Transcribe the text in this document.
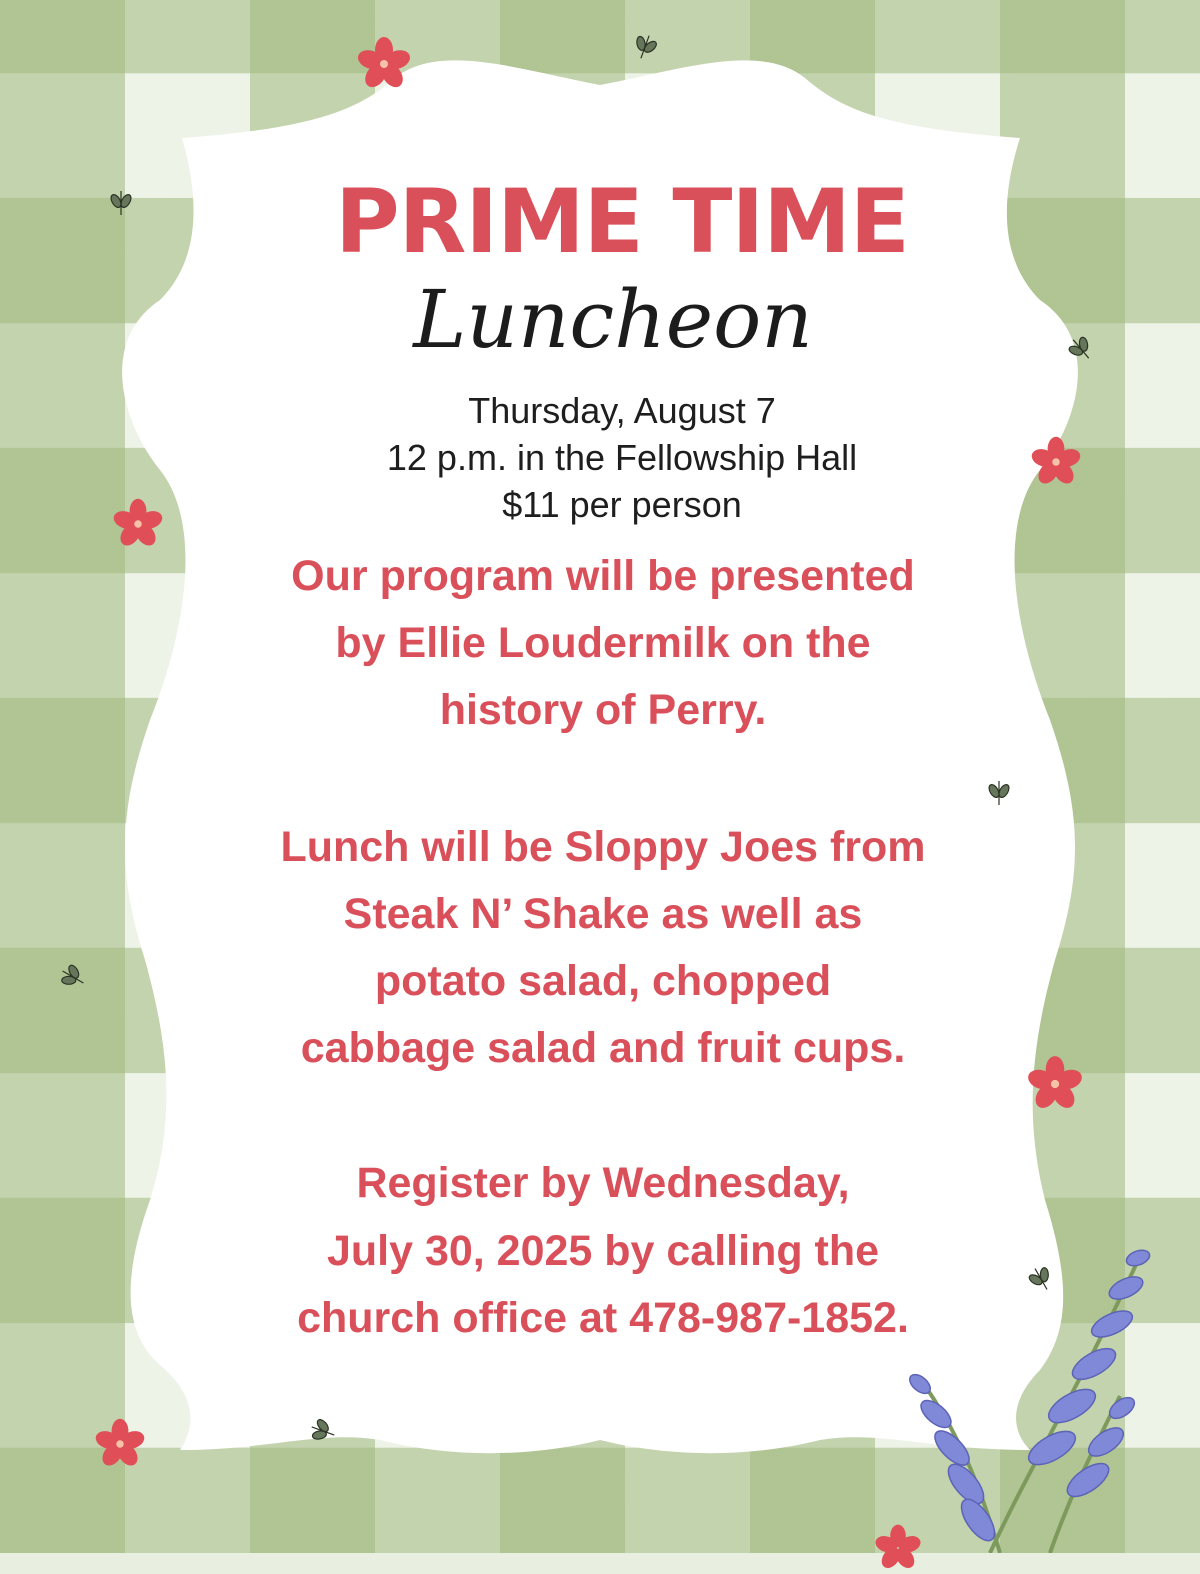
PRIME TIME
Luncheon
Thursday, August 7
12 p.m. in the Fellowship Hall
$11 per person
Our program will be presented
by Ellie Loudermilk on the
history of Perry.
Lunch will be Sloppy Joes from
Steak N’ Shake as well as
potato salad, chopped
cabbage salad and fruit cups.
Register by Wednesday,
July 30, 2025 by calling the
church office at 478-987-1852.
